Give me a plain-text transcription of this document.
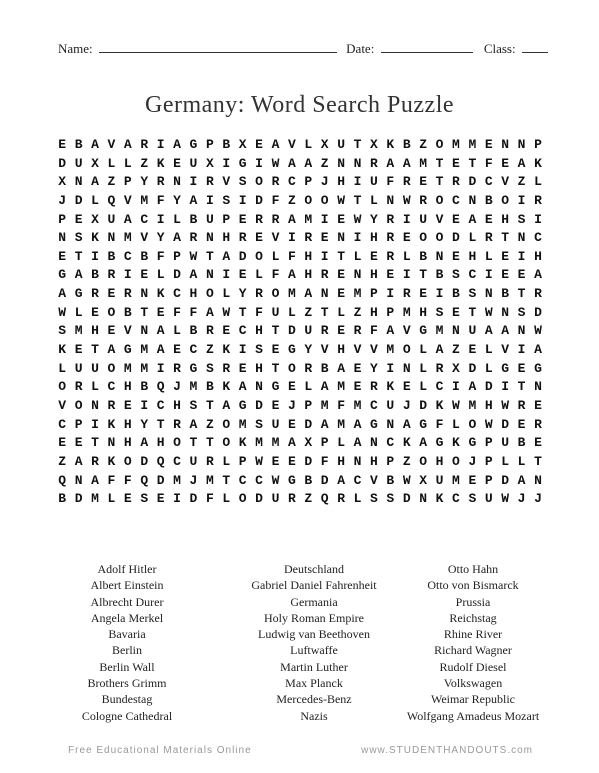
Name:	Date:	Class:
Germany: Word Search Puzzle
E B A V A R I A G P B X E A V L X U T X K B Z O M M E N N P
D U X L L Z K E U X I G I W A A Z N N R A A M T E T F E A K
X N A Z P Y R N I R V S O R C P J H I U F R E T R D C V Z L
J D L Q V M F Y A I S I D F Z O O W T L N W R O C N B O I R
P E X U A C I L B U P E R R A M I E W Y R I U V E A E H S I
N S K N M V Y A R N H R E V I R E N I H R E O O D L R T N C
E T I B C B F P W T A D O L F H I T L E R L B N E H L E I H
G A B R I E L D A N I E L F A H R E N H E I T B S C I E E A
A G R E R N K C H O L Y R O M A N E M P I R E I B S N B T R
W L E O B T E F F A W T F U L Z T L Z H P M H S E T W N S D
S M H E V N A L B R E C H T D U R E R F A V G M N U A A N W
K E T A G M A E C Z K I S E G Y V H V V M O L A Z E L V I A
L U U O M M I R G S R E H T O R B A E Y I N L R X D L G E G
O R L C H B Q J M B K A N G E L A M E R K E L C I A D I T N
V O N R E I C H S T A G D E J P M F M C U J D K W M H W R E
C P I K H Y T R A Z O M S U E D A M A G N A G F L O W D E R
E E T N H A H O T T O K M M A X P L A N C K A G K G P U B E
Z A R K O D Q C U R L P W E E D F H N H P Z O H O J P L L T
Q N A F F Q D M J M T C C W G B D A C V B W X U M E P D A N
B D M L E S E I D F L O D U R Z Q R L S S D N K C S U W J J
Adolf Hitler
Albert Einstein
Albrecht Durer
Angela Merkel
Bavaria
Berlin
Berlin Wall
Brothers Grimm
Bundestag
Cologne Cathedral
Deutschland
Gabriel Daniel Fahrenheit
Germania
Holy Roman Empire
Ludwig van Beethoven
Luftwaffe
Martin Luther
Max Planck
Mercedes-Benz
Nazis
Otto Hahn
Otto von Bismarck
Prussia
Reichstag
Rhine River
Richard Wagner
Rudolf Diesel
Volkswagen
Weimar Republic
Wolfgang Amadeus Mozart
Free Educational Materials Online	www.STUDENTHANDOUTS.com
